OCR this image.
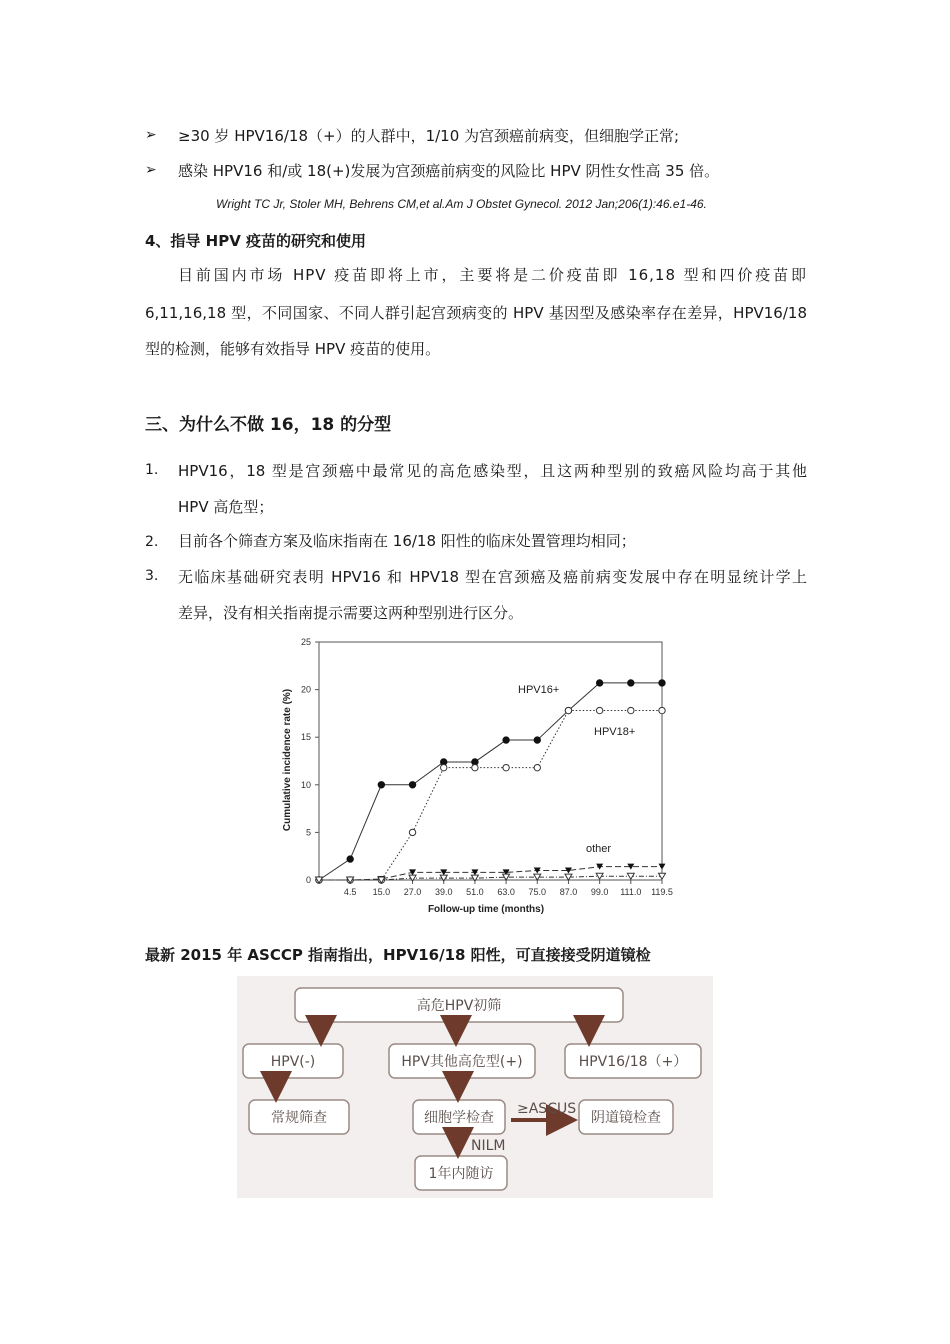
➢ ≥30 岁 HPV16/18（+）的人群中，1/10 为宫颈癌前病变，但细胞学正常;
➢ 感染 HPV16 和/或 18(+)发展为宫颈癌前病变的风险比 HPV 阴性女性高 35 倍。
Wright TC Jr, Stoler MH, Behrens CM,et al.Am J Obstet Gynecol. 2012 Jan;206(1):46.e1-46.
4、指导 HPV 疫苗的研究和使用
目前国内市场 HPV 疫苗即将上市，主要将是二价疫苗即 16,18 型和四价疫苗即
6,11,16,18 型，不同国家、不同人群引起宫颈病变的 HPV 基因型及感染率存在差异，HPV16/18
型的检测，能够有效指导 HPV 疫苗的使用。
三、为什么不做 16，18 的分型
1. HPV16，18 型是宫颈癌中最常见的高危感染型，且这两种型别的致癌风险均高于其他
HPV 高危型；
2. 目前各个筛查方案及临床指南在 16/18 阳性的临床处置管理均相同；
3. 无临床基础研究表明 HPV16 和 HPV18 型在宫颈癌及癌前病变发展中存在明显统计学上
差异，没有相关指南提示需要这两种型别进行区分。
0
5
10
15
20
25
4.5 15.0 27.0 39.0 51.0 63.0 75.0 87.0 99.0 111.0 119.5
HPV16+
HPV18+
other
Follow-up time (months)
Cumulative incidence rate (%)
最新 2015 年 ASCCP 指南指出，HPV16/18 阳性，可直接接受阴道镜检
高危HPV初筛
HPV(-)	HPV其他高危型(+)	HPV16/18（+）
常规筛查	细胞学检查	阴道镜检查
1年内随访
≥ASCUS
NILM
